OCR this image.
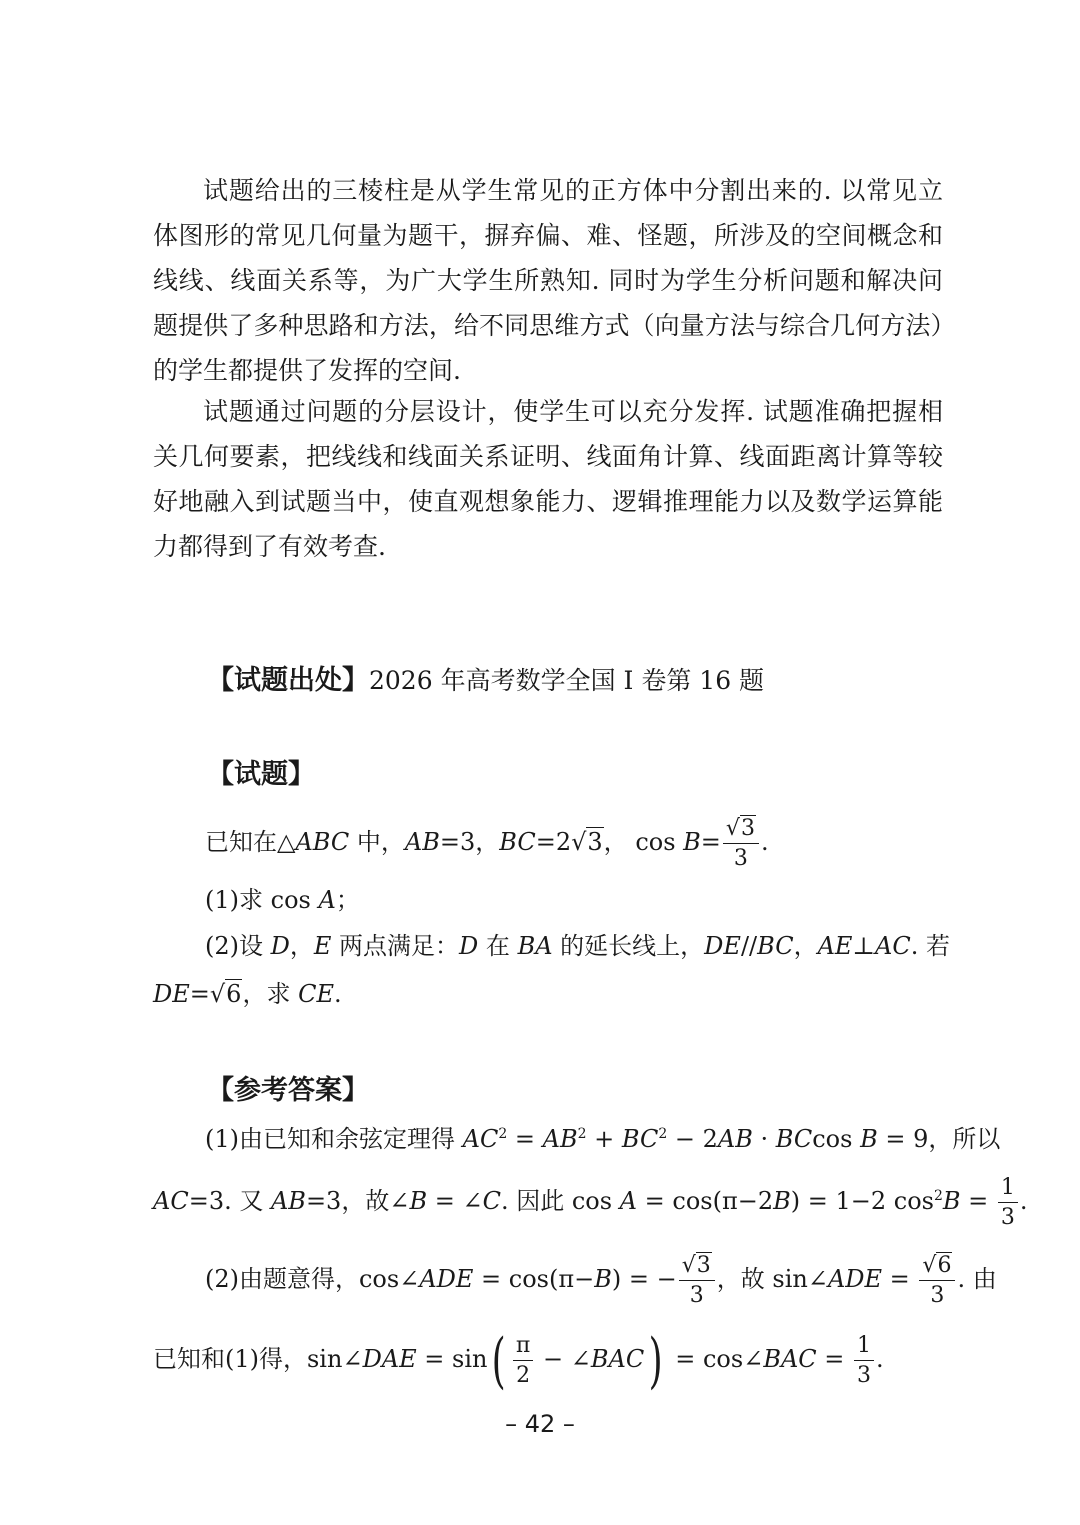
试题给出的三棱柱是从学生常见的正方体中分割出来的. 以常见立体图形的常见几何量为题干，摒弃偏、难、怪题，所涉及的空间概念和线线、线面关系等，为广大学生所熟知. 同时为学生分析问题和解决问题提供了多种思路和方法，给不同思维方式（向量方法与综合几何方法）的学生都提供了发挥的空间.

试题通过问题的分层设计，使学生可以充分发挥. 试题准确把握相关几何要素，把线线和线面关系证明、线面角计算、线面距离计算等较好地融入到试题当中，使直观想象能力、逻辑推理能力以及数学运算能力都得到了有效考查.

【试题出处】2026 年高考数学全国 I 卷第 16 题
【试题】
已知在△ABC 中，AB=3，BC=2√3， $\cos B= \frac{√3}{3}$ .
(1)求 cos A；
(2)设 D，E 两点满足：D 在 BA 的延长线上，DE//BC，AE⊥AC. 若
DE=√6，求 CE.
【参考答案】
(1)由已知和余弦定理得 $AC^2 = AB^2 + BC^2 - 2AB \cdot BCcos$ B = 9，所以
AC=3. 又 AB=3，故∠B = ∠C. 因此 cos A = cos(π−2B) = 1−2 $\cos^2B = \frac{1}{3}$ .
(2)由题意得，cos∠ADE = cos(π−B) = − $\frac{√3}{3}$ ，故 sin∠ADE = $\frac{√6}{3}$ . 由
已知和(1)得，sin∠DAE = $\sin( \frac{\pi}{2}$ − ∠BAC) = cos∠BAC = $\frac{1}{3}$ .
– 42 –
